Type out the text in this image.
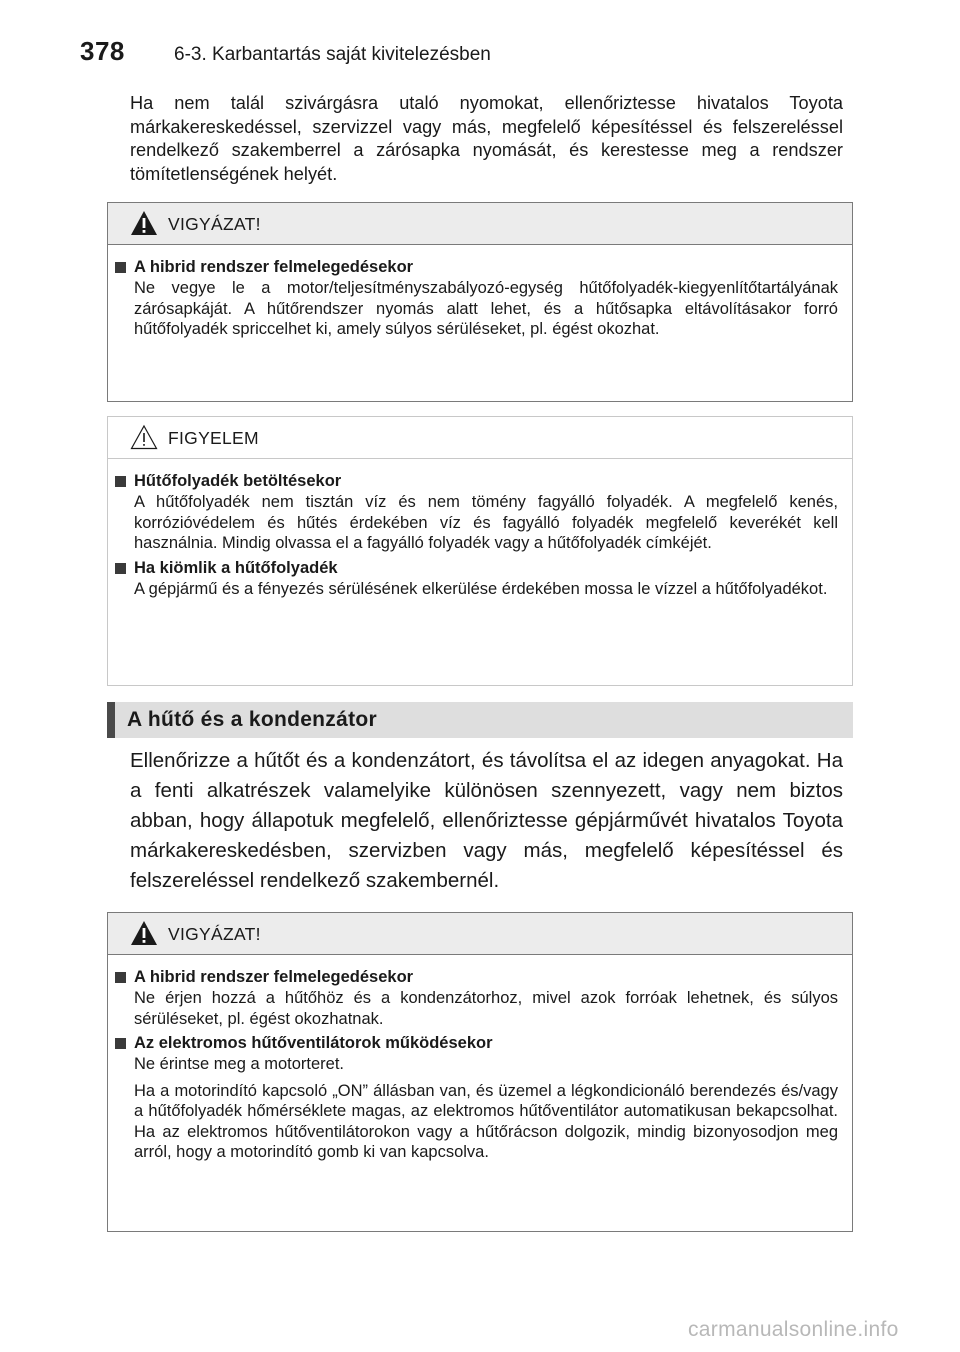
378	6-3. Karbantartás saját kivitelezésben

Ha nem talál szivárgásra utaló nyomokat, ellenőriztesse hivatalos Toyota márkakereskedéssel, szervizzel vagy más, megfelelő képesítéssel és felszereléssel rendelkező szakemberrel a zárósapka nyomását, és kerestesse meg a rendszer tömítetlenségének helyét.

VIGYÁZAT!
A hibrid rendszer felmelegedésekor
Ne vegye le a motor/teljesítményszabályozó-egység hűtőfolyadék-kiegyenlítőtartályának zárósapkáját. A hűtőrendszer nyomás alatt lehet, és a hűtősapka eltávolításakor forró hűtőfolyadék spriccelhet ki, amely súlyos sérüléseket, pl. égést okozhat.
FIGYELEM
Hűtőfolyadék betöltésekor
A hűtőfolyadék nem tisztán víz és nem tömény fagyálló folyadék. A megfelelő kenés, korrózióvédelem és hűtés érdekében víz és fagyálló folyadék megfelelő keverékét kell használnia. Mindig olvassa el a fagyálló folyadék vagy a hűtőfolyadék címkéjét.
Ha kiömlik a hűtőfolyadék
A gépjármű és a fényezés sérülésének elkerülése érdekében mossa le vízzel a hűtőfolyadékot.
A hűtő és a kondenzátor

Ellenőrizze a hűtőt és a kondenzátort, és távolítsa el az idegen anyagokat. Ha a fenti alkatrészek valamelyike különösen szennyezett, vagy nem biztos abban, hogy állapotuk megfelelő, ellenőriztesse gépjárművét hivatalos Toyota márkakereskedésben, szervizben vagy más, megfelelő képesítéssel és felszereléssel rendelkező szakembernél.

VIGYÁZAT!
A hibrid rendszer felmelegedésekor
Ne érjen hozzá a hűtőhöz és a kondenzátorhoz, mivel azok forróak lehetnek, és súlyos sérüléseket, pl. égést okozhatnak.
Az elektromos hűtőventilátorok működésekor
Ne érintse meg a motorteret.
Ha a motorindító kapcsoló „ON” állásban van, és üzemel a légkondicionáló berendezés és/vagy a hűtőfolyadék hőmérséklete magas, az elektromos hűtőventilátor automatikusan bekapcsolhat. Ha az elektromos hűtőventilátorokon vagy a hűtőrácson dolgozik, mindig bizonyosodjon meg arról, hogy a motorindító gomb ki van kapcsolva.
carmanualsonline.info
